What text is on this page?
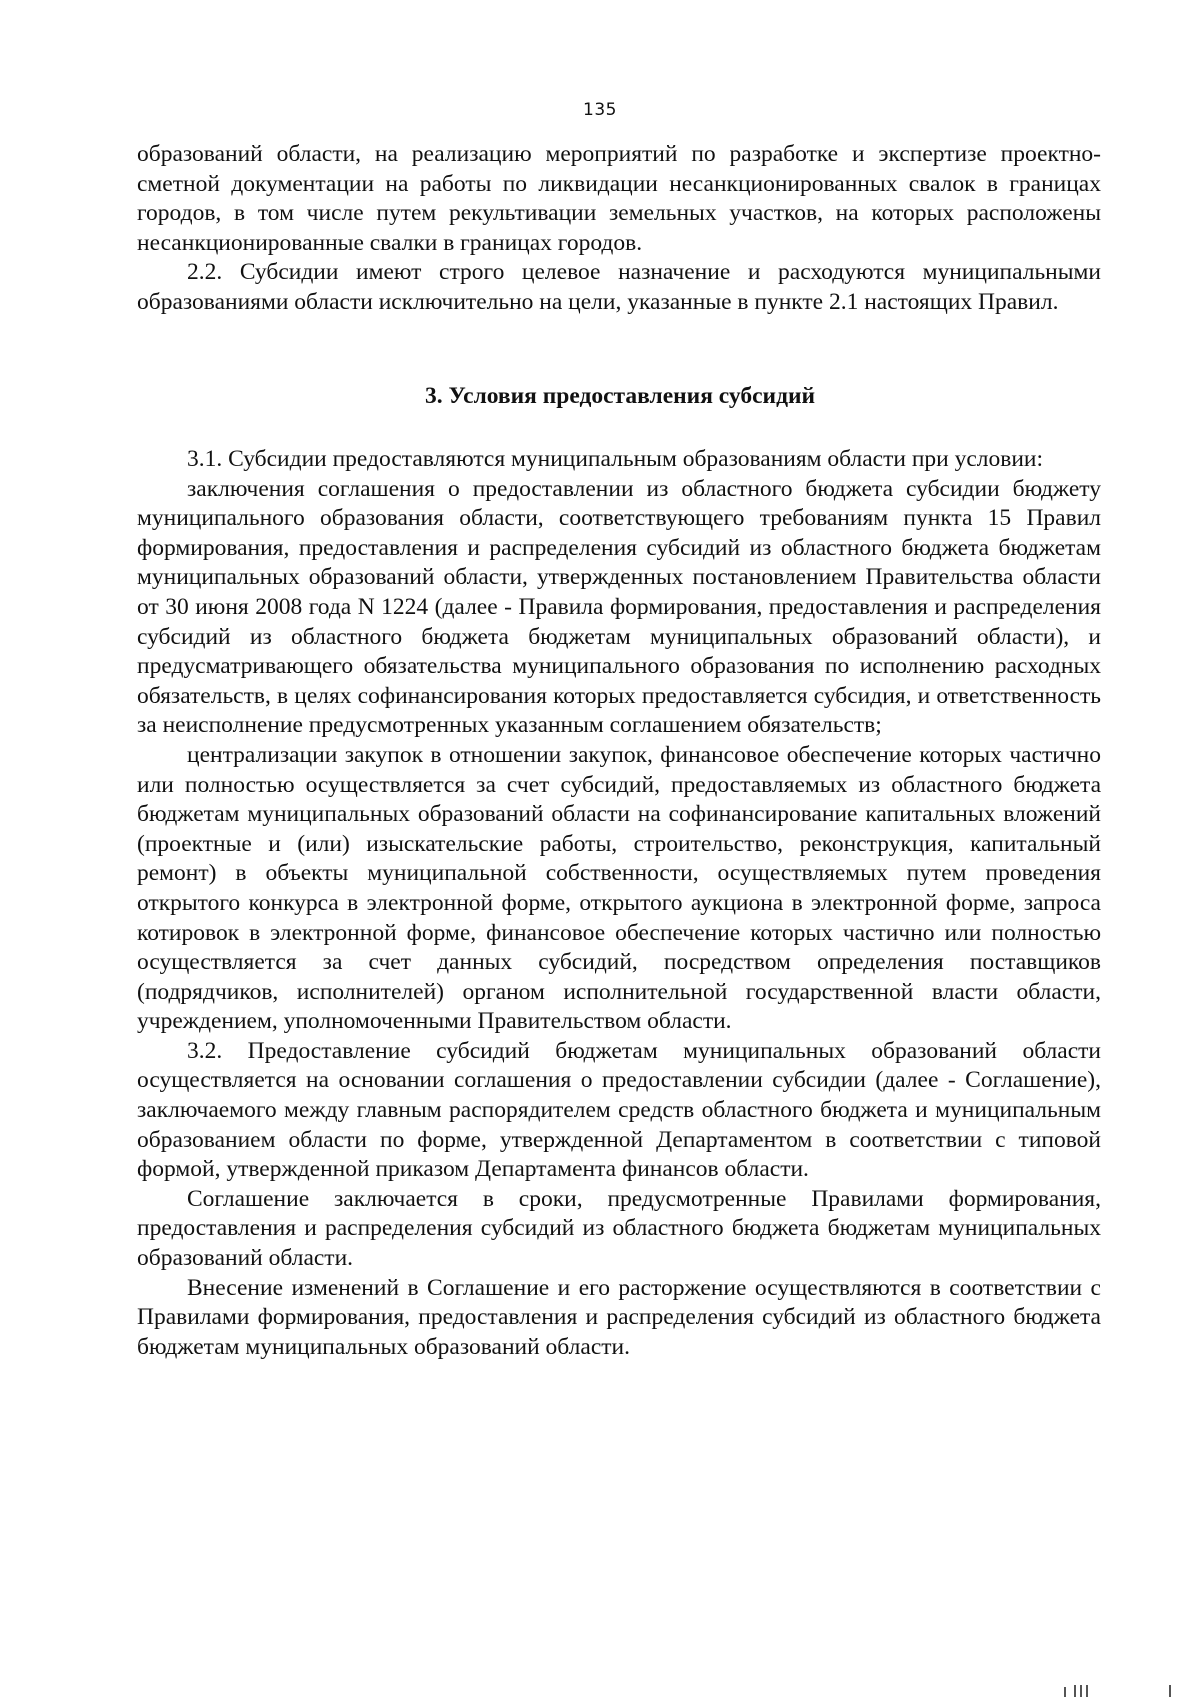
135

образований области, на реализацию мероприятий по разработке и экспертизе проектно-сметной документации на работы по ликвидации несанкционированных свалок в границах городов, в том числе путем рекультивации земельных участков, на которых расположены несанкционированные свалки в границах городов.

2.2. Субсидии имеют строго целевое назначение и расходуются муниципальными образованиями области исключительно на цели, указанные в пункте 2.1 настоящих Правил.

3. Условия предоставления субсидий

3.1. Субсидии предоставляются муниципальным образованиям области при условии:

заключения соглашения о предоставлении из областного бюджета субсидии бюджету муниципального образования области, соответствующего требованиям пункта 15 Правил формирования, предоставления и распределения субсидий из областного бюджета бюджетам муниципальных образований области, утвержденных постановлением Правительства области от 30 июня 2008 года N 1224 (далее - Правила формирования, предоставления и распределения субсидий из областного бюджета бюджетам муниципальных образований области), и предусматривающего обязательства муниципального образования по исполнению расходных обязательств, в целях софинансирования которых предоставляется субсидия, и ответственность за неисполнение предусмотренных указанным соглашением обязательств;

централизации закупок в отношении закупок, финансовое обеспечение которых частично или полностью осуществляется за счет субсидий, предоставляемых из областного бюджета бюджетам муниципальных образований области на софинансирование капитальных вложений (проектные и (или) изыскательские работы, строительство, реконструкция, капитальный ремонт) в объекты муниципальной собственности, осуществляемых путем проведения открытого конкурса в электронной форме, открытого аукциона в электронной форме, запроса котировок в электронной форме, финансовое обеспечение которых частично или полностью осуществляется за счет данных субсидий, посредством определения поставщиков (подрядчиков, исполнителей) органом исполнительной государственной власти области, учреждением, уполномоченными Правительством области.

3.2. Предоставление субсидий бюджетам муниципальных образований области осуществляется на основании соглашения о предоставлении субсидии (далее - Соглашение), заключаемого между главным распорядителем средств областного бюджета и муниципальным образованием области по форме, утвержденной Департаментом в соответствии с типовой формой, утвержденной приказом Департамента финансов области.

Соглашение заключается в сроки, предусмотренные Правилами формирования, предоставления и распределения субсидий из областного бюджета бюджетам муниципальных образований области.

Внесение изменений в Соглашение и его расторжение осуществляются в соответствии с Правилами формирования, предоставления и распределения субсидий из областного бюджета бюджетам муниципальных образований области.
